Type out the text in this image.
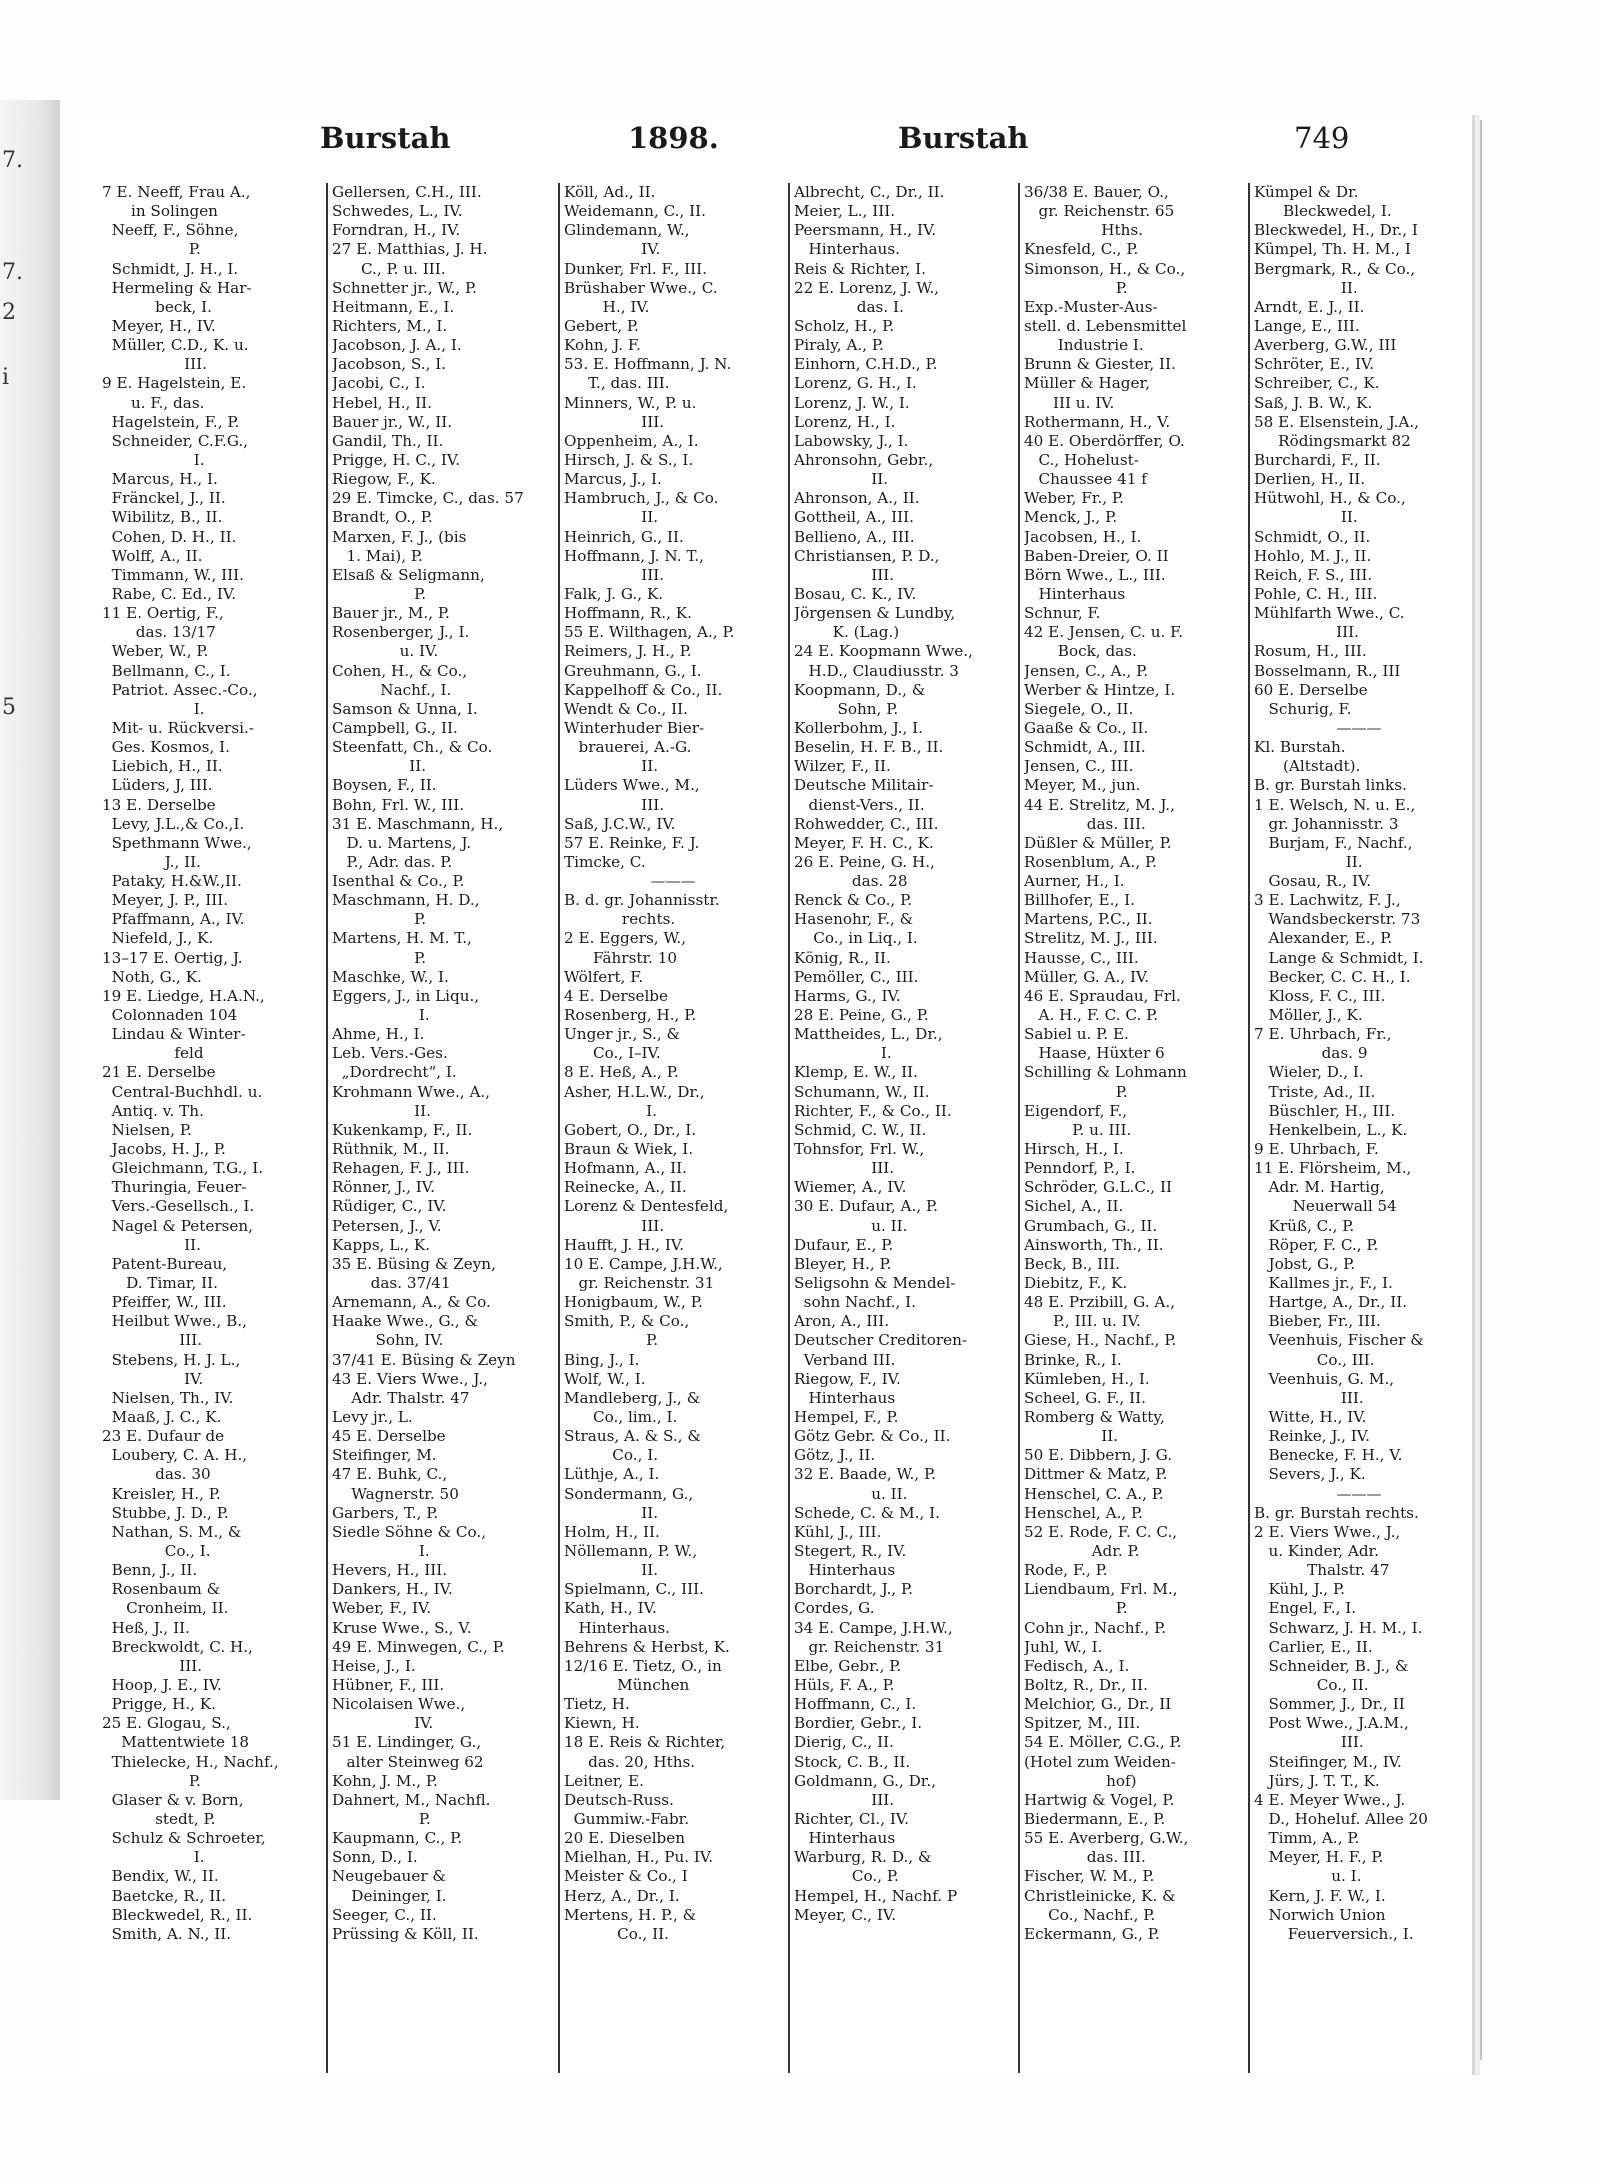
7.
7.
2
i
5
Burstah	1898.	Burstah	749
7 E. Neeff, Frau A.,
in Solingen
Neeff, F., Söhne,
P.
Schmidt, J. H., I.
Hermeling & Har-
beck, I.
Meyer, H., IV.
Müller, C.D., K. u.
III.
9 E. Hagelstein, E.
u. F., das.
Hagelstein, F., P.
Schneider, C.F.G.,
I.
Marcus, H., I.
Fränckel, J., II.
Wibilitz, B., II.
Cohen, D. H., II.
Wolff, A., II.
Timmann, W., III.
Rabe, C. Ed., IV.
11 E. Oertig, F.,
das. 13/17
Weber, W., P.
Bellmann, C., I.
Patriot. Assec.-Co.,
I.
Mit- u. Rückversi.-
Ges. Kosmos, I.
Liebich, H., II.
Lüders, J, III.
13 E. Derselbe
Levy, J.L.,& Co.,I.
Spethmann Wwe.,
J., II.
Pataky, H.&W.,II.
Meyer, J. P., III.
Pfaffmann, A., IV.
Niefeld, J., K.
13–17 E. Oertig, J.
Noth, G., K.
19 E. Liedge, H.A.N.,
Colonnaden 104
Lindau & Winter-
feld
21 E. Derselbe
Central-Buchhdl. u.
Antiq. v. Th.
Nielsen, P.
Jacobs, H. J., P.
Gleichmann, T.G., I.
Thuringia, Feuer-
Vers.-Gesellsch., I.
Nagel & Petersen,
II.
Patent-Bureau,
D. Timar, II.
Pfeiffer, W., III.
Heilbut Wwe., B.,
III.
Stebens, H. J. L.,
IV.
Nielsen, Th., IV.
Maaß, J. C., K.
23 E. Dufaur de
Loubery, C. A. H.,
das. 30
Kreisler, H., P.
Stubbe, J. D., P.
Nathan, S. M., &
Co., I.
Benn, J., II.
Rosenbaum &
Cronheim, II.
Heß, J., II.
Breckwoldt, C. H.,
III.
Hoop, J. E., IV.
Prigge, H., K.
25 E. Glogau, S.,
Mattentwiete 18
Thielecke, H., Nachf.,
P.
Glaser & v. Born,
stedt, P.
Schulz & Schroeter,
I.
Bendix, W., II.
Baetcke, R., II.
Bleckwedel, R., II.
Smith, A. N., II.
Gellersen, C.H., III.
Schwedes, L., IV.
Forndran, H., IV.
27 E. Matthias, J. H.
C., P. u. III.
Schnetter jr., W., P.
Heitmann, E., I.
Richters, M., I.
Jacobson, J. A., I.
Jacobson, S., I.
Jacobi, C., I.
Hebel, H., II.
Bauer jr., W., II.
Gandil, Th., II.
Prigge, H. C., IV.
Riegow, F., K.
29 E. Timcke, C., das. 57
Brandt, O., P.
Marxen, F. J., (bis
1. Mai), P.
Elsaß & Seligmann,
P.
Bauer jr., M., P.
Rosenberger, J., I.
u. IV.
Cohen, H., & Co.,
Nachf., I.
Samson & Unna, I.
Campbell, G., II.
Steenfatt, Ch., & Co.
II.
Boysen, F., II.
Bohn, Frl. W., III.
31 E. Maschmann, H.,
D. u. Martens, J.
P., Adr. das. P.
Isenthal & Co., P.
Maschmann, H. D.,
P.
Martens, H. M. T.,
P.
Maschke, W., I.
Eggers, J., in Liqu.,
I.
Ahme, H., I.
Leb. Vers.-Ges.
„Dordrecht“, I.
Krohmann Wwe., A.,
II.
Kukenkamp, F., II.
Rüthnik, M., II.
Rehagen, F. J., III.
Rönner, J., IV.
Rüdiger, C., IV.
Petersen, J., V.
Kapps, L., K.
35 E. Büsing & Zeyn,
das. 37/41
Arnemann, A., & Co.
Haake Wwe., G., &
Sohn, IV.
37/41 E. Büsing & Zeyn
43 E. Viers Wwe., J.,
Adr. Thalstr. 47
Levy jr., L.
45 E. Derselbe
Steifinger, M.
47 E. Buhk, C.,
Wagnerstr. 50
Garbers, T., P.
Siedle Söhne & Co.,
I.
Hevers, H., III.
Dankers, H., IV.
Weber, F., IV.
Kruse Wwe., S., V.
49 E. Minwegen, C., P.
Heise, J., I.
Hübner, F., III.
Nicolaisen Wwe.,
IV.
51 E. Lindinger, G.,
alter Steinweg 62
Kohn, J. M., P.
Dahnert, M., Nachfl.
P.
Kaupmann, C., P.
Sonn, D., I.
Neugebauer &
Deininger, I.
Seeger, C., II.
Prüssing & Köll, II.
Köll, Ad., II.
Weidemann, C., II.
Glindemann, W.,
IV.
Dunker, Frl. F., III.
Brüshaber Wwe., C.
H., IV.
Gebert, P.
Kohn, J. F.
53. E. Hoffmann, J. N.
T., das. III.
Minners, W., P. u.
III.
Oppenheim, A., I.
Hirsch, J. & S., I.
Marcus, J., I.
Hambruch, J., & Co.
II.
Heinrich, G., II.
Hoffmann, J. N. T.,
III.
Falk, J. G., K.
Hoffmann, R., K.
55 E. Wilthagen, A., P.
Reimers, J. H., P.
Greuhmann, G., I.
Kappelhoff & Co., II.
Wendt & Co., II.
Winterhuder Bier-
brauerei, A.-G.
II.
Lüders Wwe., M.,
III.
Saß, J.C.W., IV.
57 E. Reinke, F. J.
Timcke, C.
———
B. d. gr. Johannisstr.
rechts.
2 E. Eggers, W.,
Fährstr. 10
Wölfert, F.
4 E. Derselbe
Rosenberg, H., P.
Unger jr., S., &
Co., I–IV.
8 E. Heß, A., P.
Asher, H.L.W., Dr.,
I.
Gobert, O., Dr., I.
Braun & Wiek, I.
Hofmann, A., II.
Reinecke, A., II.
Lorenz & Dentesfeld,
III.
Haufft, J. H., IV.
10 E. Campe, J.H.W.,
gr. Reichenstr. 31
Honigbaum, W., P.
Smith, P., & Co.,
P.
Bing, J., I.
Wolf, W., I.
Mandleberg, J., &
Co., lim., I.
Straus, A. & S., &
Co., I.
Lüthje, A., I.
Sondermann, G.,
II.
Holm, H., II.
Nöllemann, P. W.,
II.
Spielmann, C., III.
Kath, H., IV.
Hinterhaus.
Behrens & Herbst, K.
12/16 E. Tietz, O., in
München
Tietz, H.
Kiewn, H.
18 E. Reis & Richter,
das. 20, Hths.
Leitner, E.
Deutsch-Russ.
Gummiw.-Fabr.
20 E. Dieselben
Mielhan, H., Pu. IV.
Meister & Co., I
Herz, A., Dr., I.
Mertens, H. P., &
Co., II.
Albrecht, C., Dr., II.
Meier, L., III.
Peersmann, H., IV.
Hinterhaus.
Reis & Richter, I.
22 E. Lorenz, J. W.,
das. I.
Scholz, H., P.
Piraly, A., P.
Einhorn, C.H.D., P.
Lorenz, G. H., I.
Lorenz, J. W., I.
Lorenz, H., I.
Labowsky, J., I.
Ahronsohn, Gebr.,
II.
Ahronson, A., II.
Gottheil, A., III.
Bellieno, A., III.
Christiansen, P. D.,
III.
Bosau, C. K., IV.
Jörgensen & Lundby,
K. (Lag.)
24 E. Koopmann Wwe.,
H.D., Claudiusstr. 3
Koopmann, D., &
Sohn, P.
Kollerbohm, J., I.
Beselin, H. F. B., II.
Wilzer, F., II.
Deutsche Militair-
dienst-Vers., II.
Rohwedder, C., III.
Meyer, F. H. C., K.
26 E. Peine, G. H.,
das. 28
Renck & Co., P.
Hasenohr, F., &
Co., in Liq., I.
König, R., II.
Pemöller, C., III.
Harms, G., IV.
28 E. Peine, G., P.
Mattheides, L., Dr.,
I.
Klemp, E. W., II.
Schumann, W., II.
Richter, F., & Co., II.
Schmid, C. W., II.
Tohnsfor, Frl. W.,
III.
Wiemer, A., IV.
30 E. Dufaur, A., P.
u. II.
Dufaur, E., P.
Bleyer, H., P.
Seligsohn & Mendel-
sohn Nachf., I.
Aron, A., III.
Deutscher Creditoren-
Verband III.
Riegow, F., IV.
Hinterhaus
Hempel, F., P.
Götz Gebr. & Co., II.
Götz, J., II.
32 E. Baade, W., P.
u. II.
Schede, C. & M., I.
Kühl, J., III.
Stegert, R., IV.
Hinterhaus
Borchardt, J., P.
Cordes, G.
34 E. Campe, J.H.W.,
gr. Reichenstr. 31
Elbe, Gebr., P.
Hüls, F. A., P.
Hoffmann, C., I.
Bordier, Gebr., I.
Dierig, C., II.
Stock, C. B., II.
Goldmann, G., Dr.,
III.
Richter, Cl., IV.
Hinterhaus
Warburg, R. D., &
Co., P.
Hempel, H., Nachf. P
Meyer, C., IV.
36/38 E. Bauer, O.,
gr. Reichenstr. 65
Hths.
Knesfeld, C., P.
Simonson, H., & Co.,
P.
Exp.-Muster-Aus-
stell. d. Lebensmittel
Industrie I.
Brunn & Giester, II.
Müller & Hager,
III u. IV.
Rothermann, H., V.
40 E. Oberdörffer, O.
C., Hohelust-
Chaussee 41 f
Weber, Fr., P.
Menck, J., P.
Jacobsen, H., I.
Baben-Dreier, O. II
Börn Wwe., L., III.
Hinterhaus
Schnur, F.
42 E. Jensen, C. u. F.
Bock, das.
Jensen, C., A., P.
Werber & Hintze, I.
Siegele, O., II.
Gaaße & Co., II.
Schmidt, A., III.
Jensen, C., III.
Meyer, M., jun.
44 E. Strelitz, M. J.,
das. III.
Düßler & Müller, P.
Rosenblum, A., P.
Aurner, H., I.
Billhofer, E., I.
Martens, P.C., II.
Strelitz, M. J., III.
Hausse, C., III.
Müller, G. A., IV.
46 E. Spraudau, Frl.
A. H., F. C. C. P.
Sabiel u. P. E.
Haase, Hüxter 6
Schilling & Lohmann
P.
Eigendorf, F.,
P. u. III.
Hirsch, H., I.
Penndorf, P., I.
Schröder, G.L.C., II
Sichel, A., II.
Grumbach, G., II.
Ainsworth, Th., II.
Beck, B., III.
Diebitz, F., K.
48 E. Przibill, G. A.,
P., III. u. IV.
Giese, H., Nachf., P.
Brinke, R., I.
Kümleben, H., I.
Scheel, G. F., II.
Romberg & Watty,
II.
50 E. Dibbern, J. G.
Dittmer & Matz, P.
Henschel, C. A., P.
Henschel, A., P.
52 E. Rode, F. C. C.,
Adr. P.
Rode, F., P.
Liendbaum, Frl. M.,
P.
Cohn jr., Nachf., P.
Juhl, W., I.
Fedisch, A., I.
Boltz, R., Dr., II.
Melchior, G., Dr., II
Spitzer, M., III.
54 E. Möller, C.G., P.
(Hotel zum Weiden-
hof)
Hartwig & Vogel, P.
Biedermann, E., P.
55 E. Averberg, G.W.,
das. III.
Fischer, W. M., P.
Christleinicke, K. &
Co., Nachf., P.
Eckermann, G., P.
Kümpel & Dr.
Bleckwedel, I.
Bleckwedel, H., Dr., I
Kümpel, Th. H. M., I
Bergmark, R., & Co.,
II.
Arndt, E. J., II.
Lange, E., III.
Averberg, G.W., III
Schröter, E., IV.
Schreiber, C., K.
Saß, J. B. W., K.
58 E. Elsenstein, J.A.,
Rödingsmarkt 82
Burchardi, F., II.
Derlien, H., II.
Hütwohl, H., & Co.,
II.
Schmidt, O., II.
Hohlo, M. J., II.
Reich, F. S., III.
Pohle, C. H., III.
Mühlfarth Wwe., C.
III.
Rosum, H., III.
Bosselmann, R., III
60 E. Derselbe
Schurig, F.
———
Kl. Burstah.
(Altstadt).
B. gr. Burstah links.
1 E. Welsch, N. u. E.,
gr. Johannisstr. 3
Burjam, F., Nachf.,
II.
Gosau, R., IV.
3 E. Lachwitz, F. J.,
Wandsbeckerstr. 73
Alexander, E., P.
Lange & Schmidt, I.
Becker, C. C. H., I.
Kloss, F. C., III.
Möller, J., K.
7 E. Uhrbach, Fr.,
das. 9
Wieler, D., I.
Triste, Ad., II.
Büschler, H., III.
Henkelbein, L., K.
9 E. Uhrbach, F.
11 E. Flörsheim, M.,
Adr. M. Hartig,
Neuerwall 54
Krüß, C., P.
Röper, F. C., P.
Jobst, G., P.
Kallmes jr., F., I.
Hartge, A., Dr., II.
Bieber, Fr., III.
Veenhuis, Fischer &
Co., III.
Veenhuis, G. M.,
III.
Witte, H., IV.
Reinke, J., IV.
Benecke, F. H., V.
Severs, J., K.
———
B. gr. Burstah rechts.
2 E. Viers Wwe., J.,
u. Kinder, Adr.
Thalstr. 47
Kühl, J., P.
Engel, F., I.
Schwarz, J. H. M., I.
Carlier, E., II.
Schneider, B. J., &
Co., II.
Sommer, J., Dr., II
Post Wwe., J.A.M.,
III.
Steifinger, M., IV.
Jürs, J. T. T., K.
4 E. Meyer Wwe., J.
D., Hoheluf. Allee 20
Timm, A., P.
Meyer, H. F., P.
u. I.
Kern, J. F. W., I.
Norwich Union
Feuerversich., I.
